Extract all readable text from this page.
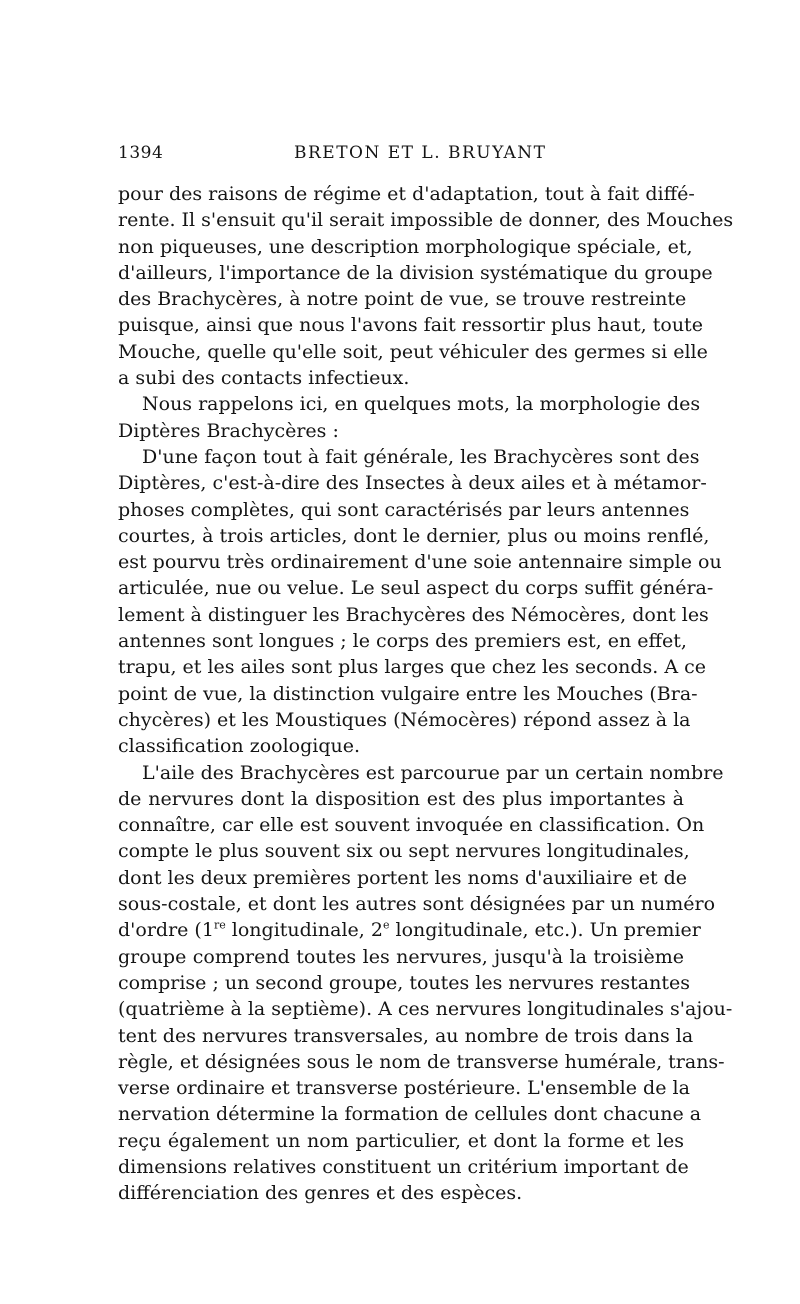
1394	BRETON ET L. BRUYANT
pour des raisons de régime et d'adaptation, tout à fait diffé-
rente. Il s'ensuit qu'il serait impossible de donner, des Mouches
non piqueuses, une description morphologique spéciale, et,
d'ailleurs, l'importance de la division systématique du groupe
des Brachycères, à notre point de vue, se trouve restreinte
puisque, ainsi que nous l'avons fait ressortir plus haut, toute
Mouche, quelle qu'elle soit, peut véhiculer des germes si elle
a subi des contacts infectieux.
Nous rappelons ici, en quelques mots, la morphologie des
Diptères Brachycères :
D'une façon tout à fait générale, les Brachycères sont des
Diptères, c'est-à-dire des Insectes à deux ailes et à métamor-
phoses complètes, qui sont caractérisés par leurs antennes
courtes, à trois articles, dont le dernier, plus ou moins renflé,
est pourvu très ordinairement d'une soie antennaire simple ou
articulée, nue ou velue. Le seul aspect du corps suffit généra-
lement à distinguer les Brachycères des Némocères, dont les
antennes sont longues ; le corps des premiers est, en effet,
trapu, et les ailes sont plus larges que chez les seconds. A ce
point de vue, la distinction vulgaire entre les Mouches (Bra-
chycères) et les Moustiques (Némocères) répond assez à la
classification zoologique.
L'aile des Brachycères est parcourue par un certain nombre
de nervures dont la disposition est des plus importantes à
connaître, car elle est souvent invoquée en classification. On
compte le plus souvent six ou sept nervures longitudinales,
dont les deux premières portent les noms d'auxiliaire et de
sous-costale, et dont les autres sont désignées par un numéro
d'ordre (1re longitudinale, 2e longitudinale, etc.). Un premier
groupe comprend toutes les nervures, jusqu'à la troisième
comprise ; un second groupe, toutes les nervures restantes
(quatrième à la septième). A ces nervures longitudinales s'ajou-
tent des nervures transversales, au nombre de trois dans la
règle, et désignées sous le nom de transverse humérale, trans-
verse ordinaire et transverse postérieure. L'ensemble de la
nervation détermine la formation de cellules dont chacune a
reçu également un nom particulier, et dont la forme et les
dimensions relatives constituent un critérium important de
différenciation des genres et des espèces.
